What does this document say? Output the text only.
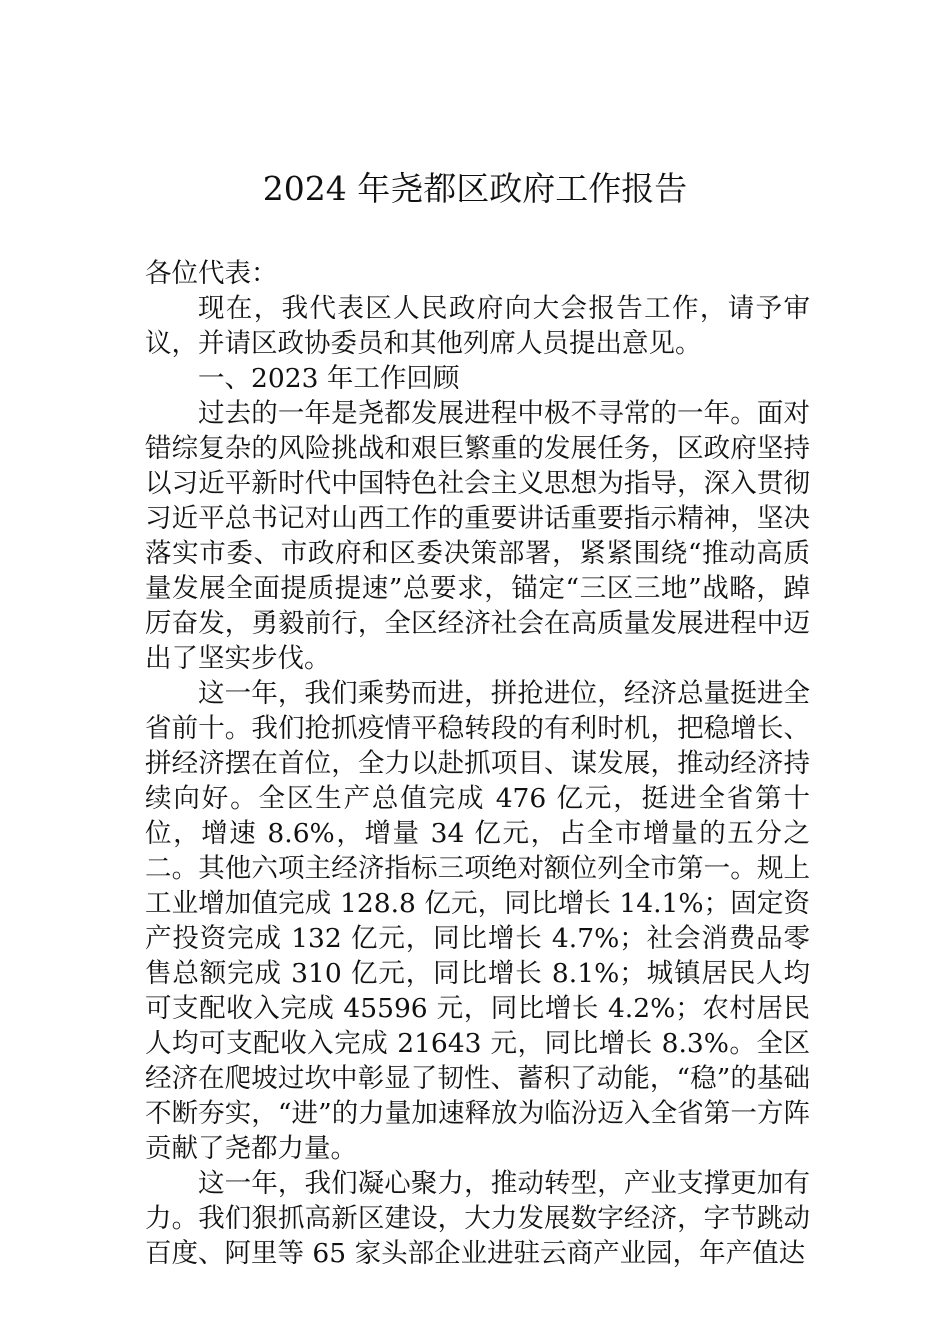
2024 年尧都区政府工作报告

各位代表：

现在，我代表区人民政府向大会报告工作，请予审议，并请区政协委员和其他列席人员提出意见。

一、2023 年工作回顾

过去的一年是尧都发展进程中极不寻常的一年。面对错综复杂的风险挑战和艰巨繁重的发展任务，区政府坚持以习近平新时代中国特色社会主义思想为指导，深入贯彻习近平总书记对山西工作的重要讲话重要指示精神，坚决落实市委、市政府和区委决策部署，紧紧围绕“推动高质量发展全面提质提速”总要求，锚定“三区三地”战略，踔厉奋发，勇毅前行，全区经济社会在高质量发展进程中迈出了坚实步伐。

这一年，我们乘势而进，拼抢进位，经济总量挺进全省前十。我们抢抓疫情平稳转段的有利时机，把稳增长、拼经济摆在首位，全力以赴抓项目、谋发展，推动经济持续向好。全区生产总值完成 476 亿元，挺进全省第十位，增速 8.6%，增量 34 亿元，占全市增量的五分之二。其他六项主经济指标三项绝对额位列全市第一。规上工业增加值完成 128.8 亿元，同比增长 14.1%；固定资产投资完成 132 亿元，同比增长 4.7%；社会消费品零售总额完成 310 亿元，同比增长 8.1%；城镇居民人均可支配收入完成 45596 元，同比增长 4.2%；农村居民人均可支配收入完成 21643 元，同比增长 8.3%。全区经济在爬坡过坎中彰显了韧性、蓄积了动能，“稳”的基础不断夯实，“进”的力量加速释放为临汾迈入全省第一方阵贡献了尧都力量。

这一年，我们凝心聚力，推动转型，产业支撑更加有力。我们狠抓高新区建设，大力发展数字经济，字节跳动百度、阿里等 65 家头部企业进驻云商产业园，年产值达
